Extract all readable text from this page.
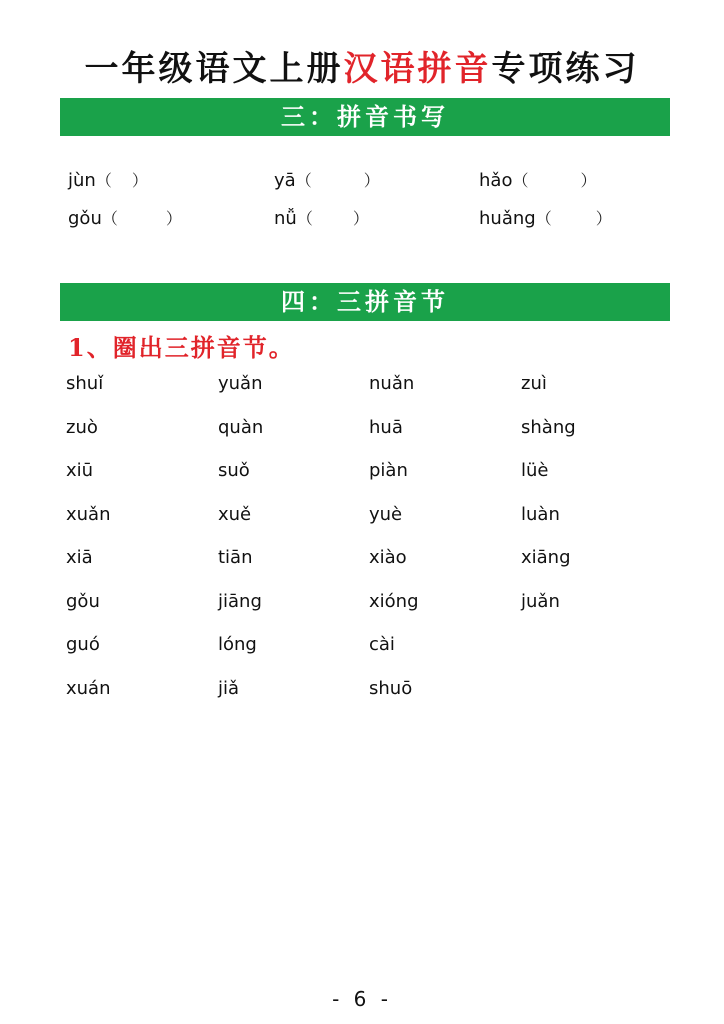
一年级语文上册汉语拼音专项练习
三：拼音书写
jùn（ ）	yā（	）	hǎo（	）
gǒu（	）	nǚ（	）	huǎng（	）
四：三拼音节
1、圈出三拼音节。
shuǐ	yuǎn	nuǎn	zuì
zuò	quàn	huā	shàng
xiū	suǒ	piàn	lüè
xuǎn	xuě	yuè	luàn
xiā	tiān	xiào	xiāng
gǒu	jiāng	xióng	juǎn
guó	lóng	cài
xuán	jiǎ	shuō
- 6 -
